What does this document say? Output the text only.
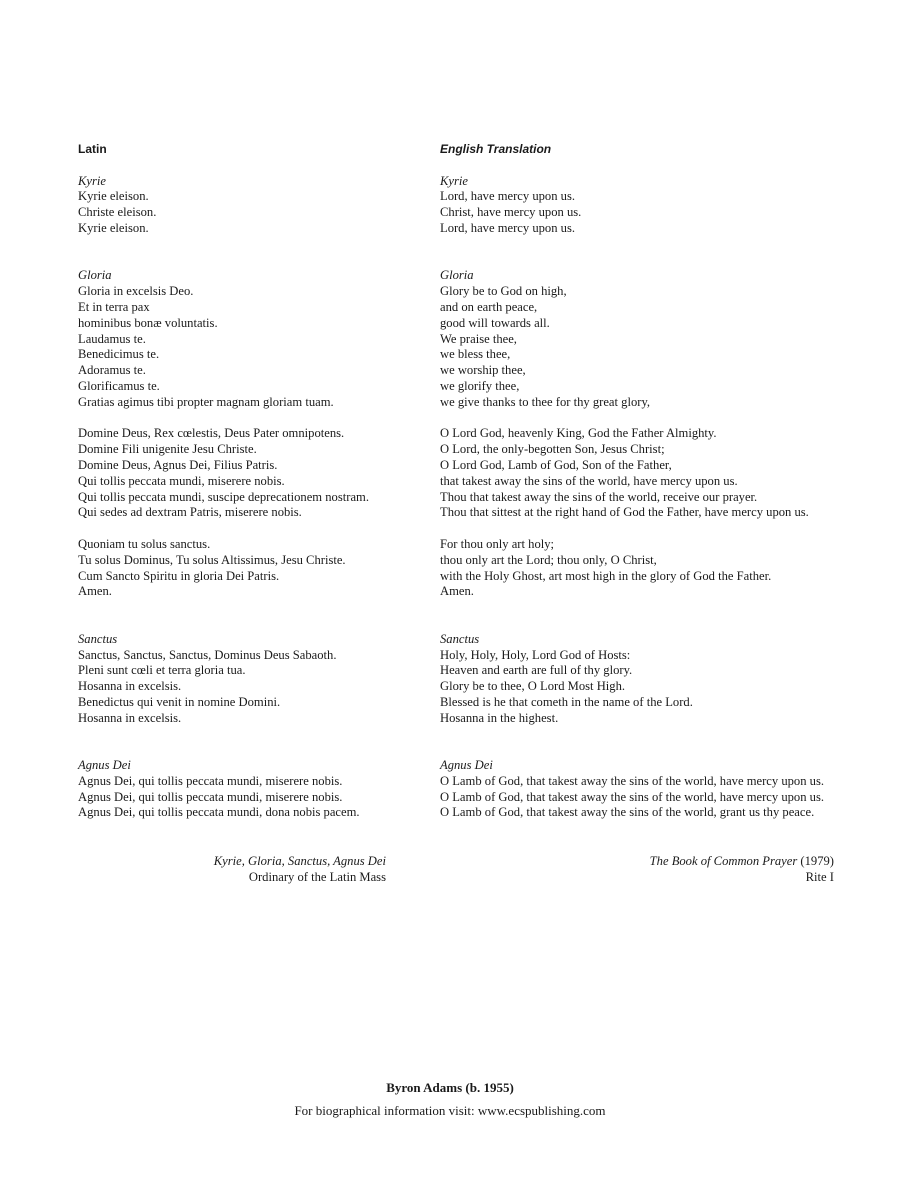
Latin
Kyrie
Kyrie eleison.
Christe eleison.
Kyrie eleison.
Gloria
Gloria in excelsis Deo.
Et in terra pax
hominibus bonæ voluntatis.
Laudamus te.
Benedicimus te.
Adoramus te.
Glorificamus te.
Gratias agimus tibi propter magnam gloriam tuam.
Domine Deus, Rex cœlestis, Deus Pater omnipotens.
Domine Fili unigenite Jesu Christe.
Domine Deus, Agnus Dei, Filius Patris.
Qui tollis peccata mundi, miserere nobis.
Qui tollis peccata mundi, suscipe deprecationem nostram.
Qui sedes ad dextram Patris, miserere nobis.
Quoniam tu solus sanctus.
Tu solus Dominus, Tu solus Altissimus, Jesu Christe.
Cum Sancto Spiritu in gloria Dei Patris.
Amen.
Sanctus
Sanctus, Sanctus, Sanctus, Dominus Deus Sabaoth.
Pleni sunt cœli et terra gloria tua.
Hosanna in excelsis.
Benedictus qui venit in nomine Domini.
Hosanna in excelsis.
Agnus Dei
Agnus Dei, qui tollis peccata mundi, miserere nobis.
Agnus Dei, qui tollis peccata mundi, miserere nobis.
Agnus Dei, qui tollis peccata mundi, dona nobis pacem.
English Translation
Kyrie
Lord, have mercy upon us.
Christ, have mercy upon us.
Lord, have mercy upon us.
Gloria
Glory be to God on high,
and on earth peace,
good will towards all.
We praise thee,
we bless thee,
we worship thee,
we glorify thee,
we give thanks to thee for thy great glory,
O Lord God, heavenly King, God the Father Almighty.
O Lord, the only-begotten Son, Jesus Christ;
O Lord God, Lamb of God, Son of the Father,
that takest away the sins of the world, have mercy upon us.
Thou that takest away the sins of the world, receive our prayer.
Thou that sittest at the right hand of God the Father, have mercy upon us.
For thou only art holy;
thou only art the Lord; thou only, O Christ,
with the Holy Ghost, art most high in the glory of God the Father.
Amen.
Sanctus
Holy, Holy, Holy, Lord God of Hosts:
Heaven and earth are full of thy glory.
Glory be to thee, O Lord Most High.
Blessed is he that cometh in the name of the Lord.
Hosanna in the highest.
Agnus Dei
O Lamb of God, that takest away the sins of the world, have mercy upon us.
O Lamb of God, that takest away the sins of the world, have mercy upon us.
O Lamb of God, that takest away the sins of the world, grant us thy peace.
Kyrie, Gloria, Sanctus, Agnus Dei
Ordinary of the Latin Mass
The Book of Common Prayer (1979)
Rite I
Byron Adams (b. 1955)
For biographical information visit: www.ecspublishing.com
